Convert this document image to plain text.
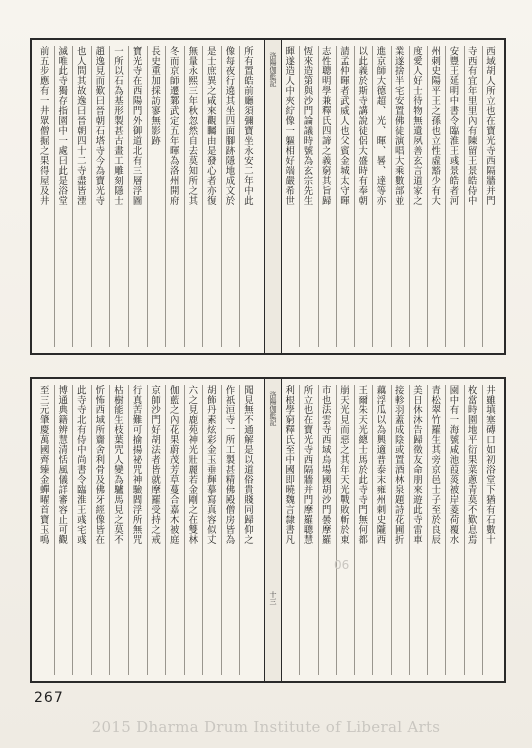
西域胡人所立也在寶光寺西隔牆并門
寺西有宜年里里內有陳留王景皓侍中
安豐王延明中書令臨淮王彧景皓者河
州刺史陽平王之孫也立性虛豁少有大
度愛人好士待物無遺夙善玄言道家之
業遂捨半宅安置佛徒演唱大乘數部並
進京師大德超、光、暉、晷、達等亦
以此義於斯寺講說徒侶大盛時有奉朝
請孟仲暉者武威人也父賓金城太守暉
志性聰明學兼釋氏四諦之義窮其旨歸
恆來造第與沙門論議時號為玄宗先生
暉遂造人中夾紵像一軀相好端嚴希世
洛陽伽藍記
所有置皓前廳須彌寶坐永安二年中此
像每夜行遶其坐四面腳跡隱地成文於
是士庶異之咸來觀矚由是發心者亦復
無量永熙三年秋忽然自去莫知所之其
冬而京師遷鄴武定五年暉為洛州開府
長史重加採訪寥無影跡
寶光寺在西陽門外御道北有三層浮圖
一所以石為基形製甚古畫工雕刻隱士
趙逸見而歎曰晉朝石塔寺今為寶光寺
也人問其故逸曰晉朝四十二寺盡皆湮
滅唯此寺獨存指園中一處曰此是浴堂
前五步應有一井眾僧掘之果得屋及井
井雖填塞磚口如初浴堂下猶有石數十
枚當時園地平衍果菜蔥青莫不歎息焉
園中有一海號咸池葭菼被岸菱荷覆水
青松翠竹羅生其旁京邑士子至於良辰
美日休沐告歸徵友命朋來遊此寺雷車
接軫羽蓋成陰或置酒林泉題詩花圃折
藕浮瓜以為興適普泰末雍州刺史隴西
王爾朱天光總士馬於此寺寺門無何都
崩天光見而惡之其年天光戰敗斬於東
市也法雲寺西域烏場國胡沙門曇摩羅
所立也在寶光寺西隔牆并門摩羅聰慧
利根學窮釋氏至中國即曉魏言隸書凡
洛陽伽藍記
十三
聞見無不通解是以道俗貴賤同歸仰之
作祇洹寺一所工製甚精佛殿僧房皆為
胡飾丹素炫彩金玉垂輝摹寫真容似丈
六之見鹿苑神光壯麗若金剛之在雙林
伽藍之內花果蔚茂芳草蔓合嘉木被庭
京師沙門好胡法者皆就摩羅受持之戒
行真苦難可揄揚祕咒神驗閻浮所無咒
枯樹能生枝葉咒人變為驢馬見之莫不
忻怖西域所齎舍利骨及佛牙經像皆在
此寺寺北有侍中尚書令臨淮王彧宅彧
博通典籍辨慧清恬風儀詳審容止可觀
至三元肇慶萬國齊臻金蟬曜首寶玉鳴
06
267
2015 Dharma Drum Institute of Liberal Arts
